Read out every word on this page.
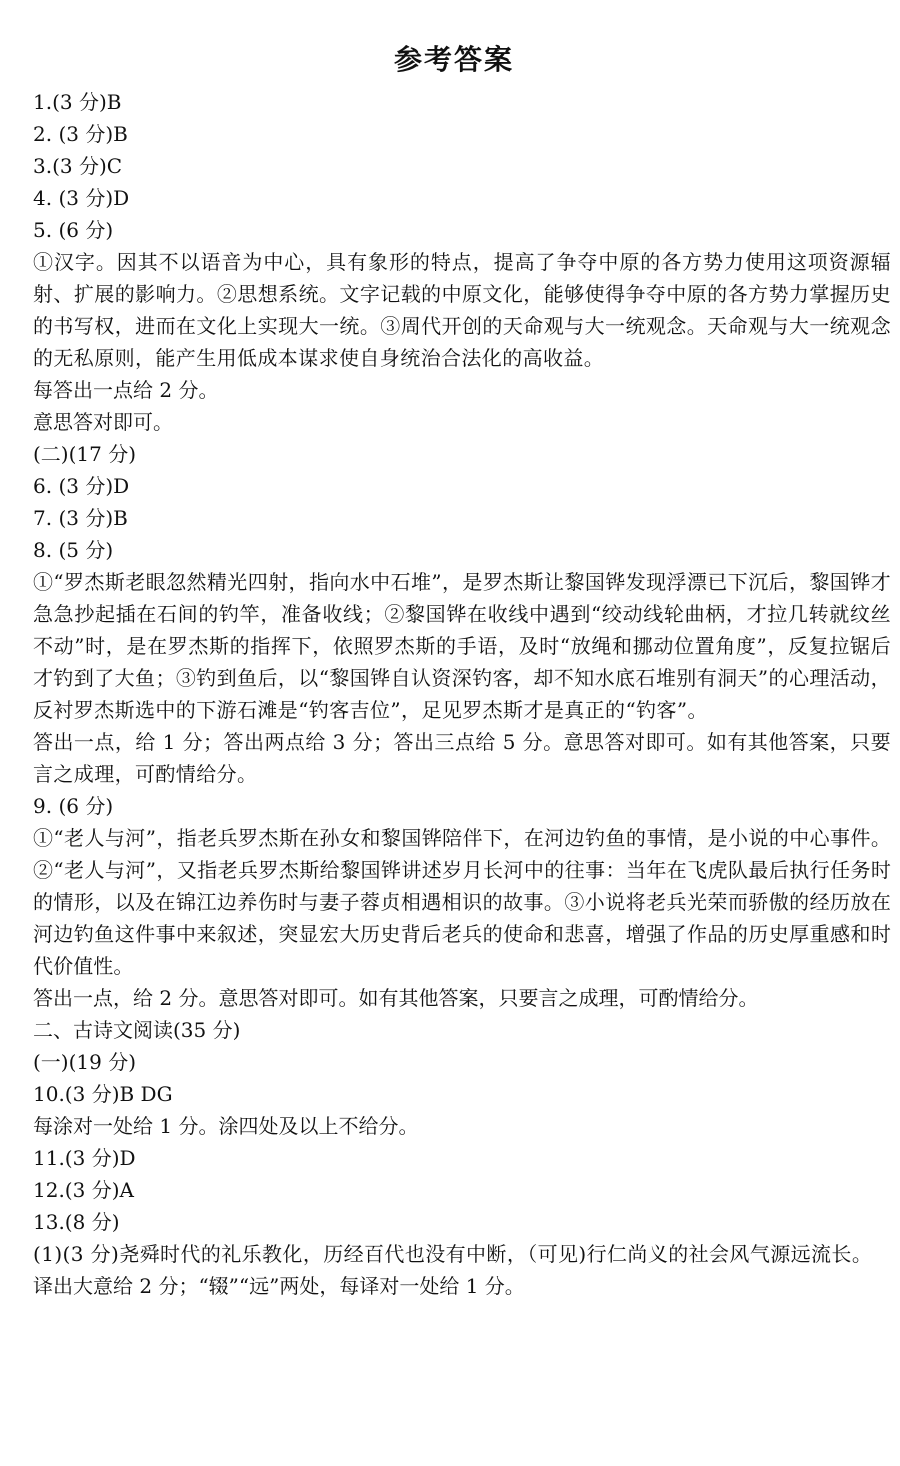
参考答案

1.(3 分)B

2. (3 分)B

3.(3 分)C

4. (3 分)D

5. (6 分)

①汉字。因其不以语音为中心，具有象形的特点，提高了争夺中原的各方势力使用这项资源辐射、扩展的影响力。②思想系统。文字记载的中原文化，能够使得争夺中原的各方势力掌握历史的书写权，进而在文化上实现大一统。③周代开创的天命观与大一统观念。天命观与大一统观念的无私原则，能产生用低成本谋求使自身统治合法化的高收益。

每答出一点给 2 分。

意思答对即可。

(二)(17 分)

6. (3 分)D

7. (3 分)B

8. (5 分)

①“罗杰斯老眼忽然精光四射，指向水中石堆”，是罗杰斯让黎国铧发现浮漂已下沉后，黎国铧才急急抄起插在石间的钓竿，准备收线；②黎国铧在收线中遇到“绞动线轮曲柄，才拉几转就纹丝不动”时，是在罗杰斯的指挥下，依照罗杰斯的手语，及时“放绳和挪动位置角度”，反复拉锯后才钓到了大鱼；③钓到鱼后，以“黎国铧自认资深钓客，却不知水底石堆别有洞天”的心理活动，反衬罗杰斯选中的下游石滩是“钓客吉位”，足见罗杰斯才是真正的“钓客”。

答出一点，给 1 分；答出两点给 3 分；答出三点给 5 分。意思答对即可。如有其他答案，只要言之成理，可酌情给分。

9. (6 分)

①“老人与河”，指老兵罗杰斯在孙女和黎国铧陪伴下，在河边钓鱼的事情，是小说的中心事件。②“老人与河”，又指老兵罗杰斯给黎国铧讲述岁月长河中的往事：当年在飞虎队最后执行任务时的情形，以及在锦江边养伤时与妻子蓉贞相遇相识的故事。③小说将老兵光荣而骄傲的经历放在河边钓鱼这件事中来叙述，突显宏大历史背后老兵的使命和悲喜，增强了作品的历史厚重感和时代价值性。

答出一点，给 2 分。意思答对即可。如有其他答案，只要言之成理，可酌情给分。

二、古诗文阅读(35 分)

(一)(19 分)

10.(3 分)B DG

每涂对一处给 1 分。涂四处及以上不给分。

11.(3 分)D

12.(3 分)A

13.(8 分)

(1)(3 分)尧舜时代的礼乐教化，历经百代也没有中断，（可见)行仁尚义的社会风气源远流长。

译出大意给 2 分；“辍”“远”两处，每译对一处给 1 分。
